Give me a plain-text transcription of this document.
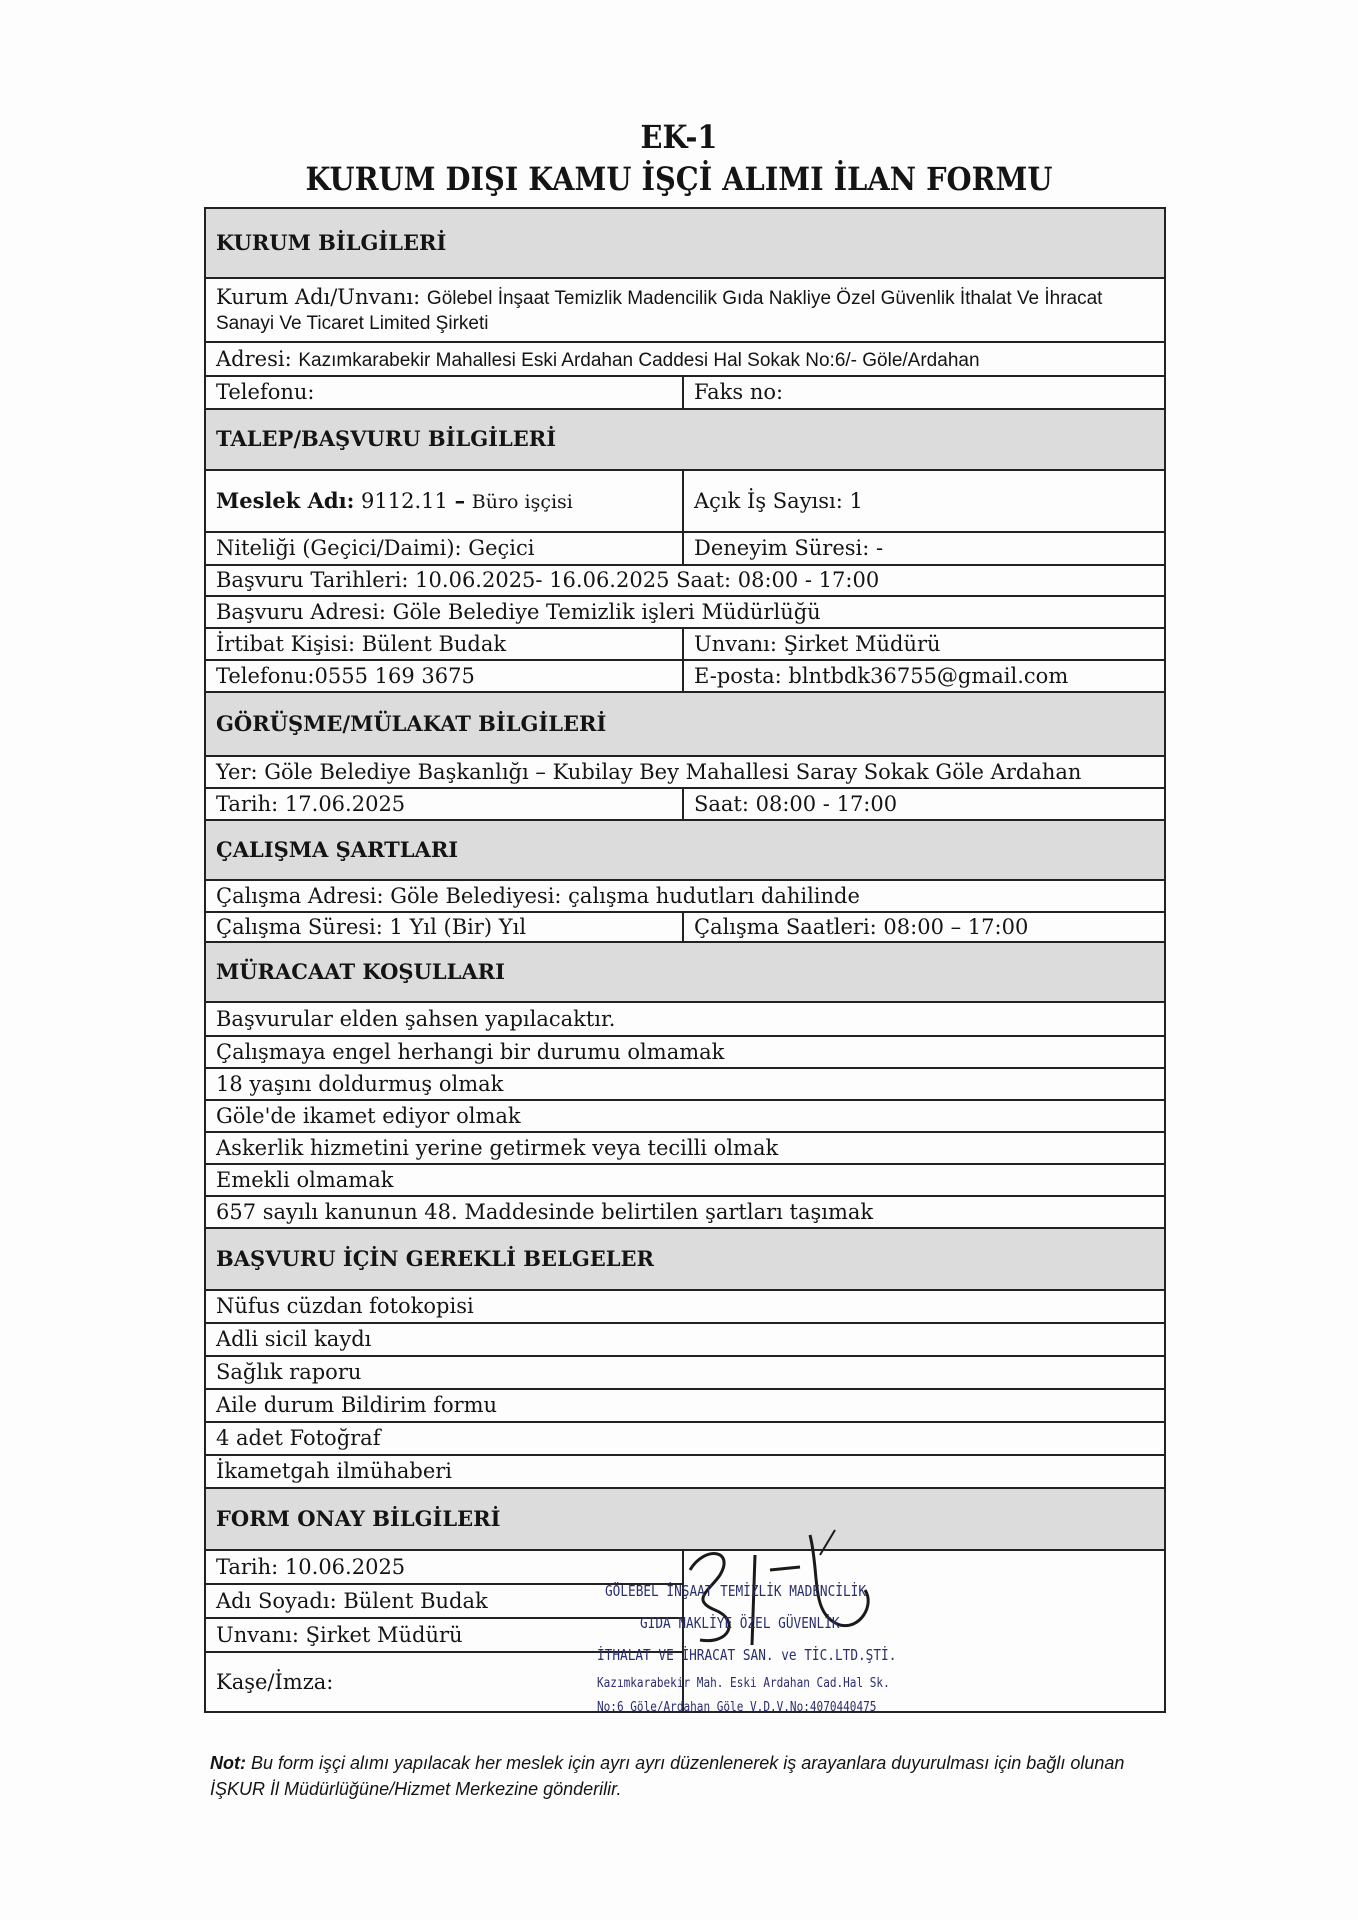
EK-1
KURUM DIŞI KAMU İŞÇİ ALIMI İLAN FORMU
KURUM BİLGİLERİ	
Kurum Adı/Unvanı: Gölebel İnşaat Temizlik Madencilik Gıda Nakliye Özel Güvenlik İthalat Ve İhracat Sanayi Ve Ticaret Limited Şirketi	
Adresi: Kazımkarabekir Mahallesi Eski Ardahan Caddesi Hal Sokak No:6/- Göle/Ardahan	
Telefonu:	Faks no:
TALEP/BAŞVURU BİLGİLERİ	
Meslek Adı: 9112.11 – Büro işçisi	Açık İş Sayısı: 1
Niteliği (Geçici/Daimi): Geçici	Deneyim Süresi: -
Başvuru Tarihleri: 10.06.2025- 16.06.2025 Saat: 08:00 - 17:00	
Başvuru Adresi: Göle Belediye Temizlik işleri Müdürlüğü	
İrtibat Kişisi: Bülent Budak	Unvanı: Şirket Müdürü
Telefonu:0555 169 3675	E-posta: blntbdk36755@gmail.com
GÖRÜŞME/MÜLAKAT BİLGİLERİ	
Yer: Göle Belediye Başkanlığı – Kubilay Bey Mahallesi Saray Sokak Göle Ardahan	
Tarih: 17.06.2025	Saat: 08:00 - 17:00
ÇALIŞMA ŞARTLARI	
Çalışma Adresi: Göle Belediyesi: çalışma hudutları dahilinde	
Çalışma Süresi: 1 Yıl (Bir) Yıl	Çalışma Saatleri: 08:00 – 17:00
MÜRACAAT KOŞULLARI	
Başvurular elden şahsen yapılacaktır.	
Çalışmaya engel herhangi bir durumu olmamak	
18 yaşını doldurmuş olmak	
Göle'de ikamet ediyor olmak	
Askerlik hizmetini yerine getirmek veya tecilli olmak	
Emekli olmamak	
657 sayılı kanunun 48. Maddesinde belirtilen şartları taşımak	
BAŞVURU İÇİN GEREKLİ BELGELER	
Nüfus cüzdan fotokopisi	
Adli sicil kaydı	
Sağlık raporu	
Aile durum Bildirim formu	
4 adet Fotoğraf	
İkametgah ilmühaberi	
FORM ONAY BİLGİLERİ	
Tarih: 10.06.2025	
Adı Soyadı: Bülent Budak	
Unvanı: Şirket Müdürü	
Kaşe/İmza:	
GÖLEBEL İNŞAAT TEMİZLİK MADENCİLİK
GIDA NAKLİYE ÖZEL GÜVENLİK
İTHALAT VE İHRACAT SAN. ve TİC.LTD.ŞTİ.
Kazımkarabekir Mah. Eski Ardahan Cad.Hal Sk.
No:6 Göle/Ardahan Göle V.D.V.No:4070440475
Not: Bu form işçi alımı yapılacak her meslek için ayrı ayrı düzenlenerek iş arayanlara duyurulması için bağlı olunan İŞKUR İl Müdürlüğüne/Hizmet Merkezine gönderilir.
